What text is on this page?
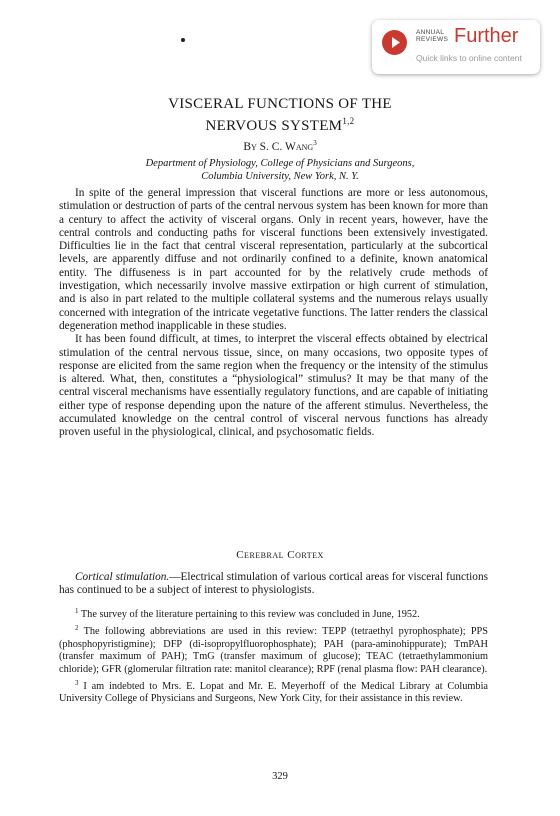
ANNUAL
REVIEWS Further
Quick links to online content
VISCERAL FUNCTIONS OF THE
NERVOUS SYSTEM$^{1,2}$
By S. C. Wang$^3$
Department of Physiology, College of Physicians and Surgeons,
Columbia University, New York, N. Y.

In spite of the general impression that visceral functions are more or less autonomous, stimulation or destruction of parts of the central nervous system has been known for more than a century to affect the activity of visceral organs. Only in recent years, however, have the central controls and conducting paths for visceral functions been extensively investigated. Difficulties lie in the fact that central visceral representation, particularly at the subcortical levels, are apparently diffuse and not ordinarily confined to a definite, known anatomical entity. The diffuseness is in part accounted for by the relatively crude methods of investigation, which necessarily involve massive extirpation or high current of stimulation, and is also in part related to the multiple collateral systems and the numerous relays usually concerned with integration of the intricate vegetative functions. The latter renders the classical degeneration method inapplicable in these studies.

It has been found difficult, at times, to interpret the visceral effects obtained by electrical stimulation of the central nervous tissue, since, on many occasions, two opposite types of response are elicited from the same region when the frequency or the intensity of the stimulus is altered. What, then, constitutes a “physiological” stimulus? It may be that many of the central visceral mechanisms have essentially regulatory functions, and are capable of initiating either type of response depending upon the nature of the afferent stimulus. Nevertheless, the accumulated knowledge on the central control of visceral nervous functions has already proven useful in the physiological, clinical, and psychosomatic fields.

Cerebral Cortex

Cortical stimulation.—Electrical stimulation of various cortical areas for visceral functions has continued to be a subject of interest to physiologists.

$^1$ The survey of the literature pertaining to this review was concluded in June, 1952.

$^2$ The following abbreviations are used in this review: TEPP (tetraethyl pyrophosphate); PPS (phosphopyristigmine); DFP (di-isopropylfluorophosphate); PAH (para-aminohippurate); TmPAH (transfer maximum of PAH); TmG (transfer maximum of glucose); TEAC (tetraethylammonium chloride); GFR (glomerular filtration rate: manitol clearance); RPF (renal plasma flow: PAH clearance).

$^3$ I am indebted to Mrs. E. Lopat and Mr. E. Meyerhoff of the Medical Library at Columbia University College of Physicians and Surgeons, New York City, for their assistance in this review.

329
